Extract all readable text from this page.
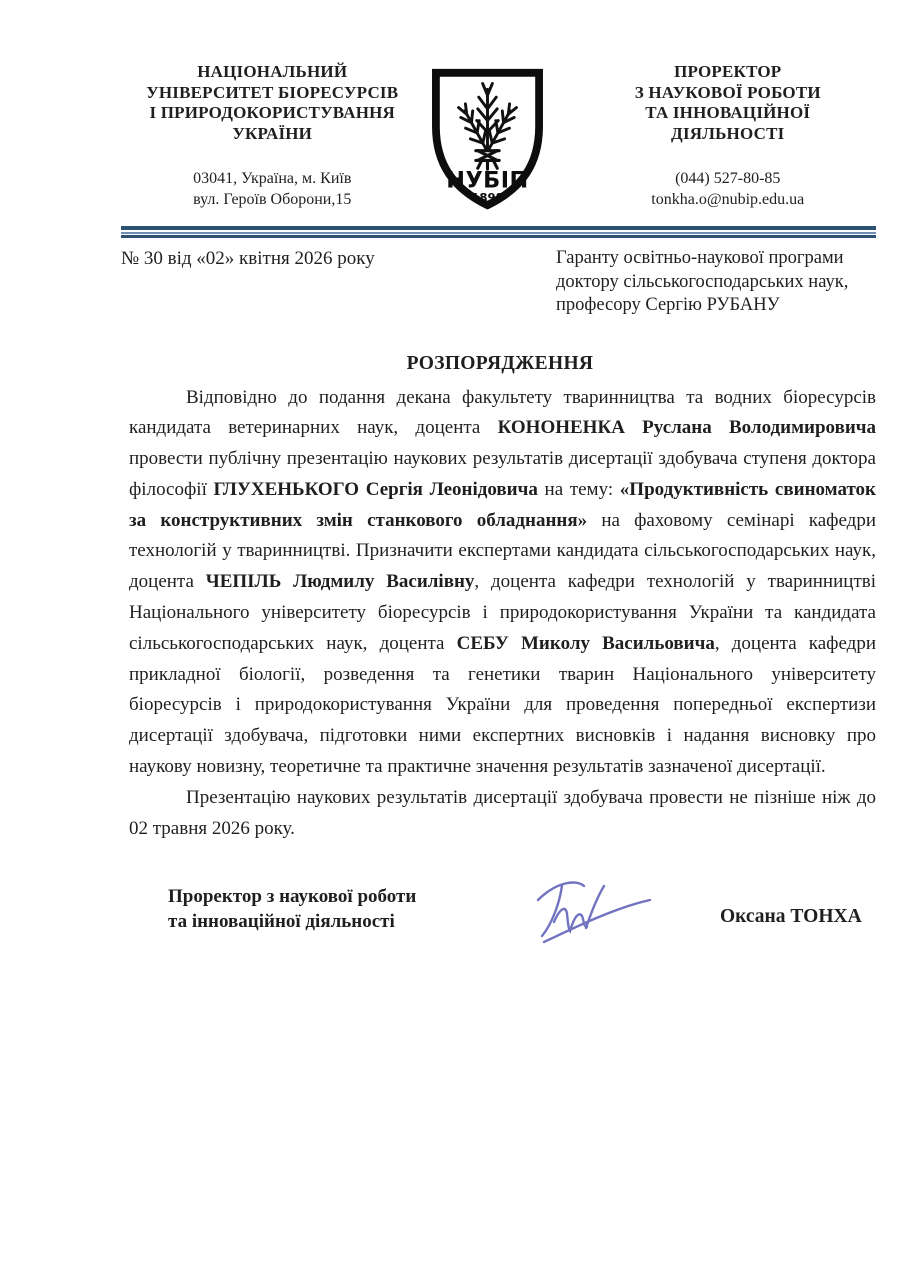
НАЦІОНАЛЬНИЙ
УНІВЕРСИТЕТ БІОРЕСУРСІВ
І ПРИРОДОКОРИСТУВАННЯ
УКРАЇНИ
03041, Україна, м. Київ
вул. Героїв Оборони,15
НУБІП
1898
ПРОРЕКТОР
З НАУКОВОЇ РОБОТИ
ТА ІННОВАЦІЙНОЇ
ДІЯЛЬНОСТІ
(044) 527-80-85
tonkha.o@nubip.edu.ua
№ 30 від «02» квітня 2026 року	Гаранту освітньо-наукової програми
доктору сільськогосподарських наук,
професору Сергію РУБАНУ
РОЗПОРЯДЖЕННЯ

Відповідно до подання декана факультету тваринництва та водних біоресурсів кандидата ветеринарних наук, доцента КОНОНЕНКА Руслана Володимировича провести публічну презентацію наукових результатів дисертації здобувача ступеня доктора філософії ГЛУХЕНЬКОГО Сергія Леонідовича на тему: «Продуктивність свиноматок за конструктивних змін станкового обладнання» на фаховому семінарі кафедри технологій у тваринництві. Призначити експертами кандидата сільськогосподарських наук, доцента ЧЕПІЛЬ Людмилу Василівну, доцента кафедри технологій у тваринництві Національного університету біоресурсів і природокористування України та кандидата сільськогосподарських наук, доцента СЕБУ Миколу Васильовича, доцента кафедри прикладної біології, розведення та генетики тварин Національного університету біоресурсів і природокористування України для проведення попередньої експертизи дисертації здобувача, підготовки ними експертних висновків і надання висновку про наукову новизну, теоретичне та практичне значення результатів зазначеної дисертації.

Презентацію наукових результатів дисертації здобувача провести не пізніше ніж до 02 травня 2026 року.

Проректор з наукової роботи
та інноваційної діяльності	Оксана ТОНХА
